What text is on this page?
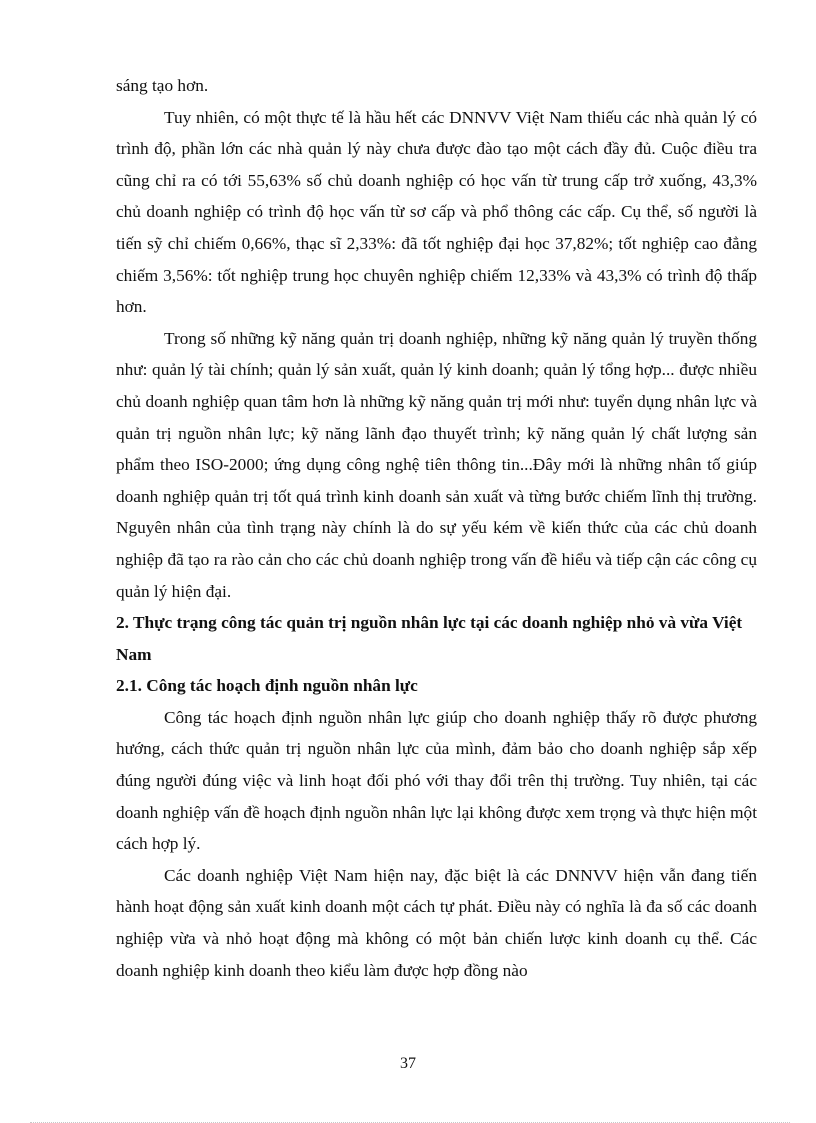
sáng tạo hơn.

Tuy nhiên, có một thực tế là hầu hết các DNNVV Việt Nam thiếu các nhà quản lý có trình độ, phần lớn các nhà quản lý này chưa được đào tạo một cách đầy đủ. Cuộc điều tra cũng chỉ ra có tới 55,63% số chủ doanh nghiệp có học vấn từ trung cấp trở xuống, 43,3% chủ doanh nghiệp có trình độ học vấn từ sơ cấp và phổ thông các cấp. Cụ thể, số người là tiến sỹ chỉ chiếm 0,66%, thạc sĩ 2,33%: đã tốt nghiệp đại học 37,82%; tốt nghiệp cao đẳng chiếm 3,56%: tốt nghiệp trung học chuyên nghiệp chiếm 12,33% và 43,3% có trình độ thấp hơn.

Trong số những kỹ năng quản trị doanh nghiệp, những kỹ năng quản lý truyền thống như: quản lý tài chính; quản lý sản xuất, quản lý kinh doanh; quản lý tổng hợp... được nhiều chủ doanh nghiệp quan tâm hơn là những kỹ năng quản trị mới như: tuyển dụng nhân lực và quản trị nguồn nhân lực; kỹ năng lãnh đạo thuyết trình; kỹ năng quản lý chất lượng sản phẩm theo ISO-2000; ứng dụng công nghệ tiên thông tin...Đây mới là những nhân tố giúp doanh nghiệp quản trị tốt quá trình kinh doanh sản xuất và từng bước chiếm lĩnh thị trường. Nguyên nhân của tình trạng này chính là do sự yếu kém về kiến thức của các chủ doanh nghiệp đã tạo ra rào cản cho các chủ doanh nghiệp trong vấn đề hiểu và tiếp cận các công cụ quản lý hiện đại.

2. Thực trạng công tác quản trị nguồn nhân lực tại các doanh nghiệp nhỏ và vừa Việt Nam

2.1. Công tác hoạch định nguồn nhân lực

Công tác hoạch định nguồn nhân lực giúp cho doanh nghiệp thấy rõ được phương hướng, cách thức quản trị nguồn nhân lực của mình, đảm bảo cho doanh nghiệp sắp xếp đúng người đúng việc và linh hoạt đối phó với thay đổi trên thị trường. Tuy nhiên, tại các doanh nghiệp vấn đề hoạch định nguồn nhân lực lại không được xem trọng và thực hiện một cách hợp lý.

Các doanh nghiệp Việt Nam hiện nay, đặc biệt là các DNNVV hiện vẫn đang tiến hành hoạt động sản xuất kinh doanh một cách tự phát. Điều này có nghĩa là đa số các doanh nghiệp vừa và nhỏ hoạt động mà không có một bản chiến lược kinh doanh cụ thể. Các doanh nghiệp kinh doanh theo kiểu làm được hợp đồng nào

37
